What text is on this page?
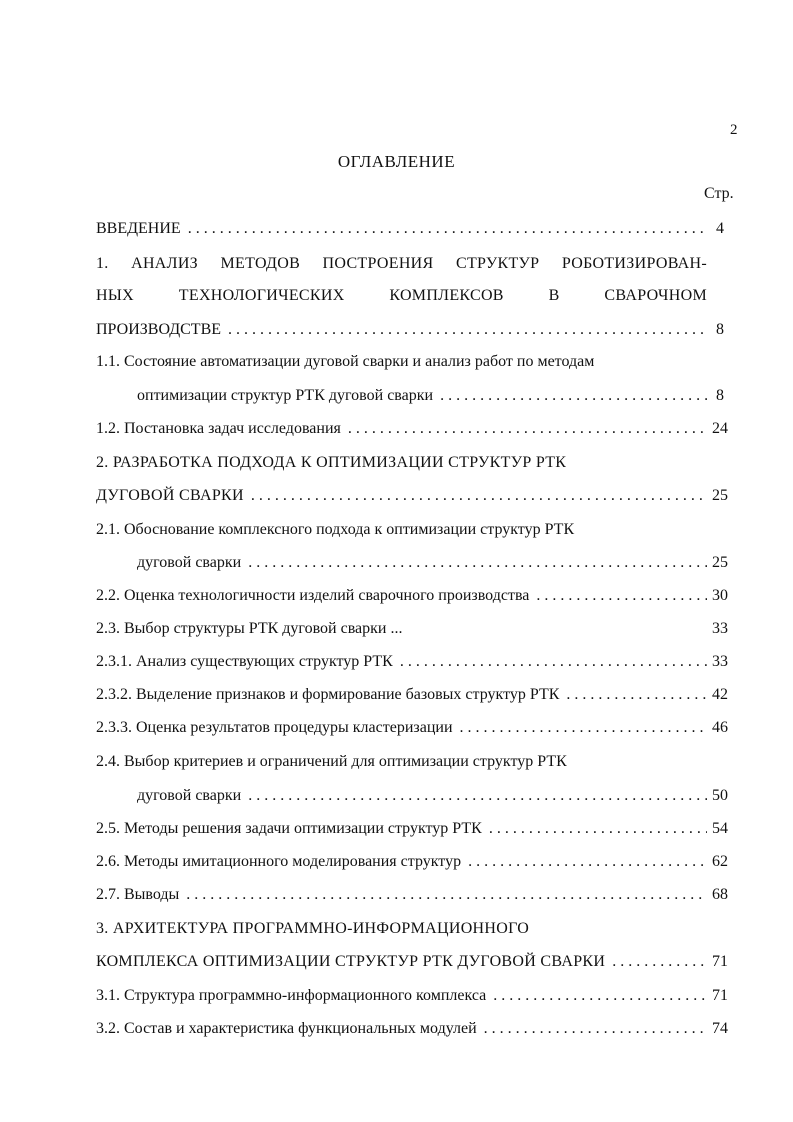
2
ОГЛАВЛЕНИЕ
Стр.
ВВЕДЕНИЕ . . .	4
1. АНАЛИЗ МЕТОДОВ ПОСТРОЕНИЯ СТРУКТУР РОБОТИЗИРОВАН-
НЫХ ТЕХНОЛОГИЧЕСКИХ КОМПЛЕКСОВ В СВАРОЧНОМ
ПРОИЗВОДСТВЕ . . .	8
1.1. Состояние автоматизации дуговой сварки и анализ работ по методам
оптимизации структур РТК дуговой сварки . . .	8
1.2. Постановка задач исследования . . .	24
2. РАЗРАБОТКА ПОДХОДА К ОПТИМИЗАЦИИ СТРУКТУР РТК
ДУГОВОЙ СВАРКИ . . .	25
2.1. Обоснование комплексного подхода к оптимизации структур РТК
дуговой сварки . . .	25
2.2. Оценка технологичности изделий сварочного производства . . .	30
2.3. Выбор структуры РТК дуговой сварки ...	33
2.3.1. Анализ существующих структур РТК . . .	33
2.3.2. Выделение признаков и формирование базовых структур РТК . . .	42
2.3.3. Оценка результатов процедуры кластеризации . . .	46
2.4. Выбор критериев и ограничений для оптимизации структур РТК
дуговой сварки . . .	50
2.5. Методы решения задачи оптимизации структур РТК . . .	54
2.6. Методы имитационного моделирования структур . . .	62
2.7. Выводы . . .	68
3. АРХИТЕКТУРА ПРОГРАММНО-ИНФОРМАЦИОННОГО
КОМПЛЕКСА ОПТИМИЗАЦИИ СТРУКТУР РТК ДУГОВОЙ СВАРКИ . . .	71
3.1. Структура программно-информационного комплекса . . .	71
3.2. Состав и характеристика функциональных модулей . . .	74
